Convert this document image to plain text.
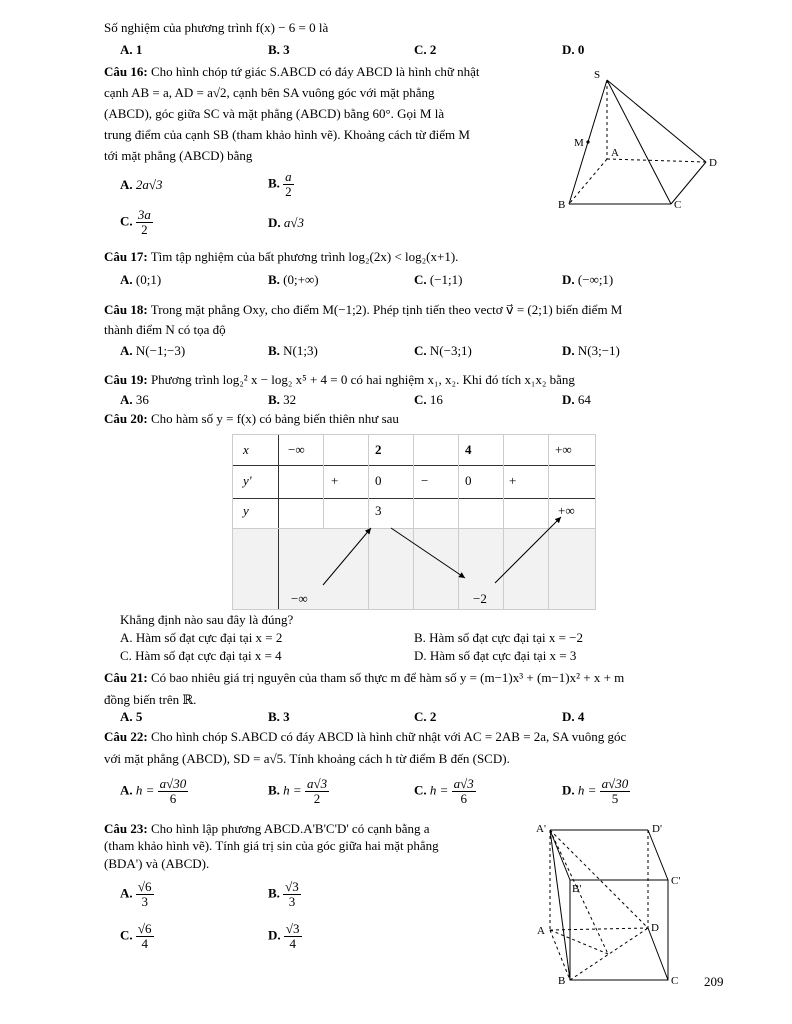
Số nghiệm của phương trình f(x) − 6 = 0 là
A. 1	B. 3	C. 2	D. 0
Câu 16: Cho hình chóp tứ giác S.ABCD có đáy ABCD là hình chữ nhật
cạnh AB = a, AD = a√2, cạnh bên SA vuông góc với mặt phẳng
(ABCD), góc giữa SC và mặt phẳng (ABCD) bằng 60°. Gọi M là
trung điểm của cạnh SB (tham khảo hình vẽ). Khoảng cách từ điểm M
tới mặt phẳng (ABCD) bằng
A. 2a√3	B. $\frac{a}{2}$
C. $\frac{3a}{2}$	D. a√3
S
M
A
D
B	C
Câu 17: Tìm tập nghiệm của bất phương trình log₂(2x) < log₂(x+1).
A. (0;1)	B. (0;+∞)	C. (−1;1)	D. (−∞;1)
Câu 18: Trong mặt phẳng Oxy, cho điểm M(−1;2). Phép tịnh tiến theo vectơ v⃗ = (2;1) biến điểm M
thành điểm N có tọa độ
A. N(−1;−3)	B. N(1;3)	C. N(−3;1)	D. N(3;−1)
Câu 19: Phương trình log₂² x − log₂ x⁵ + 4 = 0 có hai nghiệm x₁, x₂. Khi đó tích x₁x₂ bằng
A. 36	B. 32	C. 16	D. 64
Câu 20: Cho hàm số y = f(x) có bảng biến thiên như sau
x	−∞	2	4	+∞
y'	+	0	−	0	+
y	3	+∞
−∞	−2
Khẳng định nào sau đây là đúng?
A. Hàm số đạt cực đại tại x = 2	B. Hàm số đạt cực đại tại x = −2
C. Hàm số đạt cực đại tại x = 4	D. Hàm số đạt cực đại tại x = 3
Câu 21: Có bao nhiêu giá trị nguyên của tham số thực m để hàm số y = (m−1)x³ + (m−1)x² + x + m
đồng biến trên ℝ.
A. 5	B. 3	C. 2	D. 4
Câu 22: Cho hình chóp S.ABCD có đáy ABCD là hình chữ nhật với AC = 2AB = 2a, SA vuông góc
với mặt phẳng (ABCD), SD = a√5. Tính khoảng cách h từ điểm B đến (SCD).
A. $h = \frac{a√30}{6}$	B. $h = \frac{a√3}{2}$	C. $h = \frac{a√3}{6}$	D. $h = \frac{a√30}{5}$
Câu 23: Cho hình lập phương ABCD.A'B'C'D' có cạnh bằng a
(tham khảo hình vẽ). Tính giá trị sin của góc giữa hai mặt phẳng
(BDA') và (ABCD).
A. $\frac{√6}{3}$	B. $\frac{√3}{3}$
C. $\frac{√6}{4}$	D. $\frac{√3}{4}$
A'	D'
B'
C'
A	D
B	C 209
